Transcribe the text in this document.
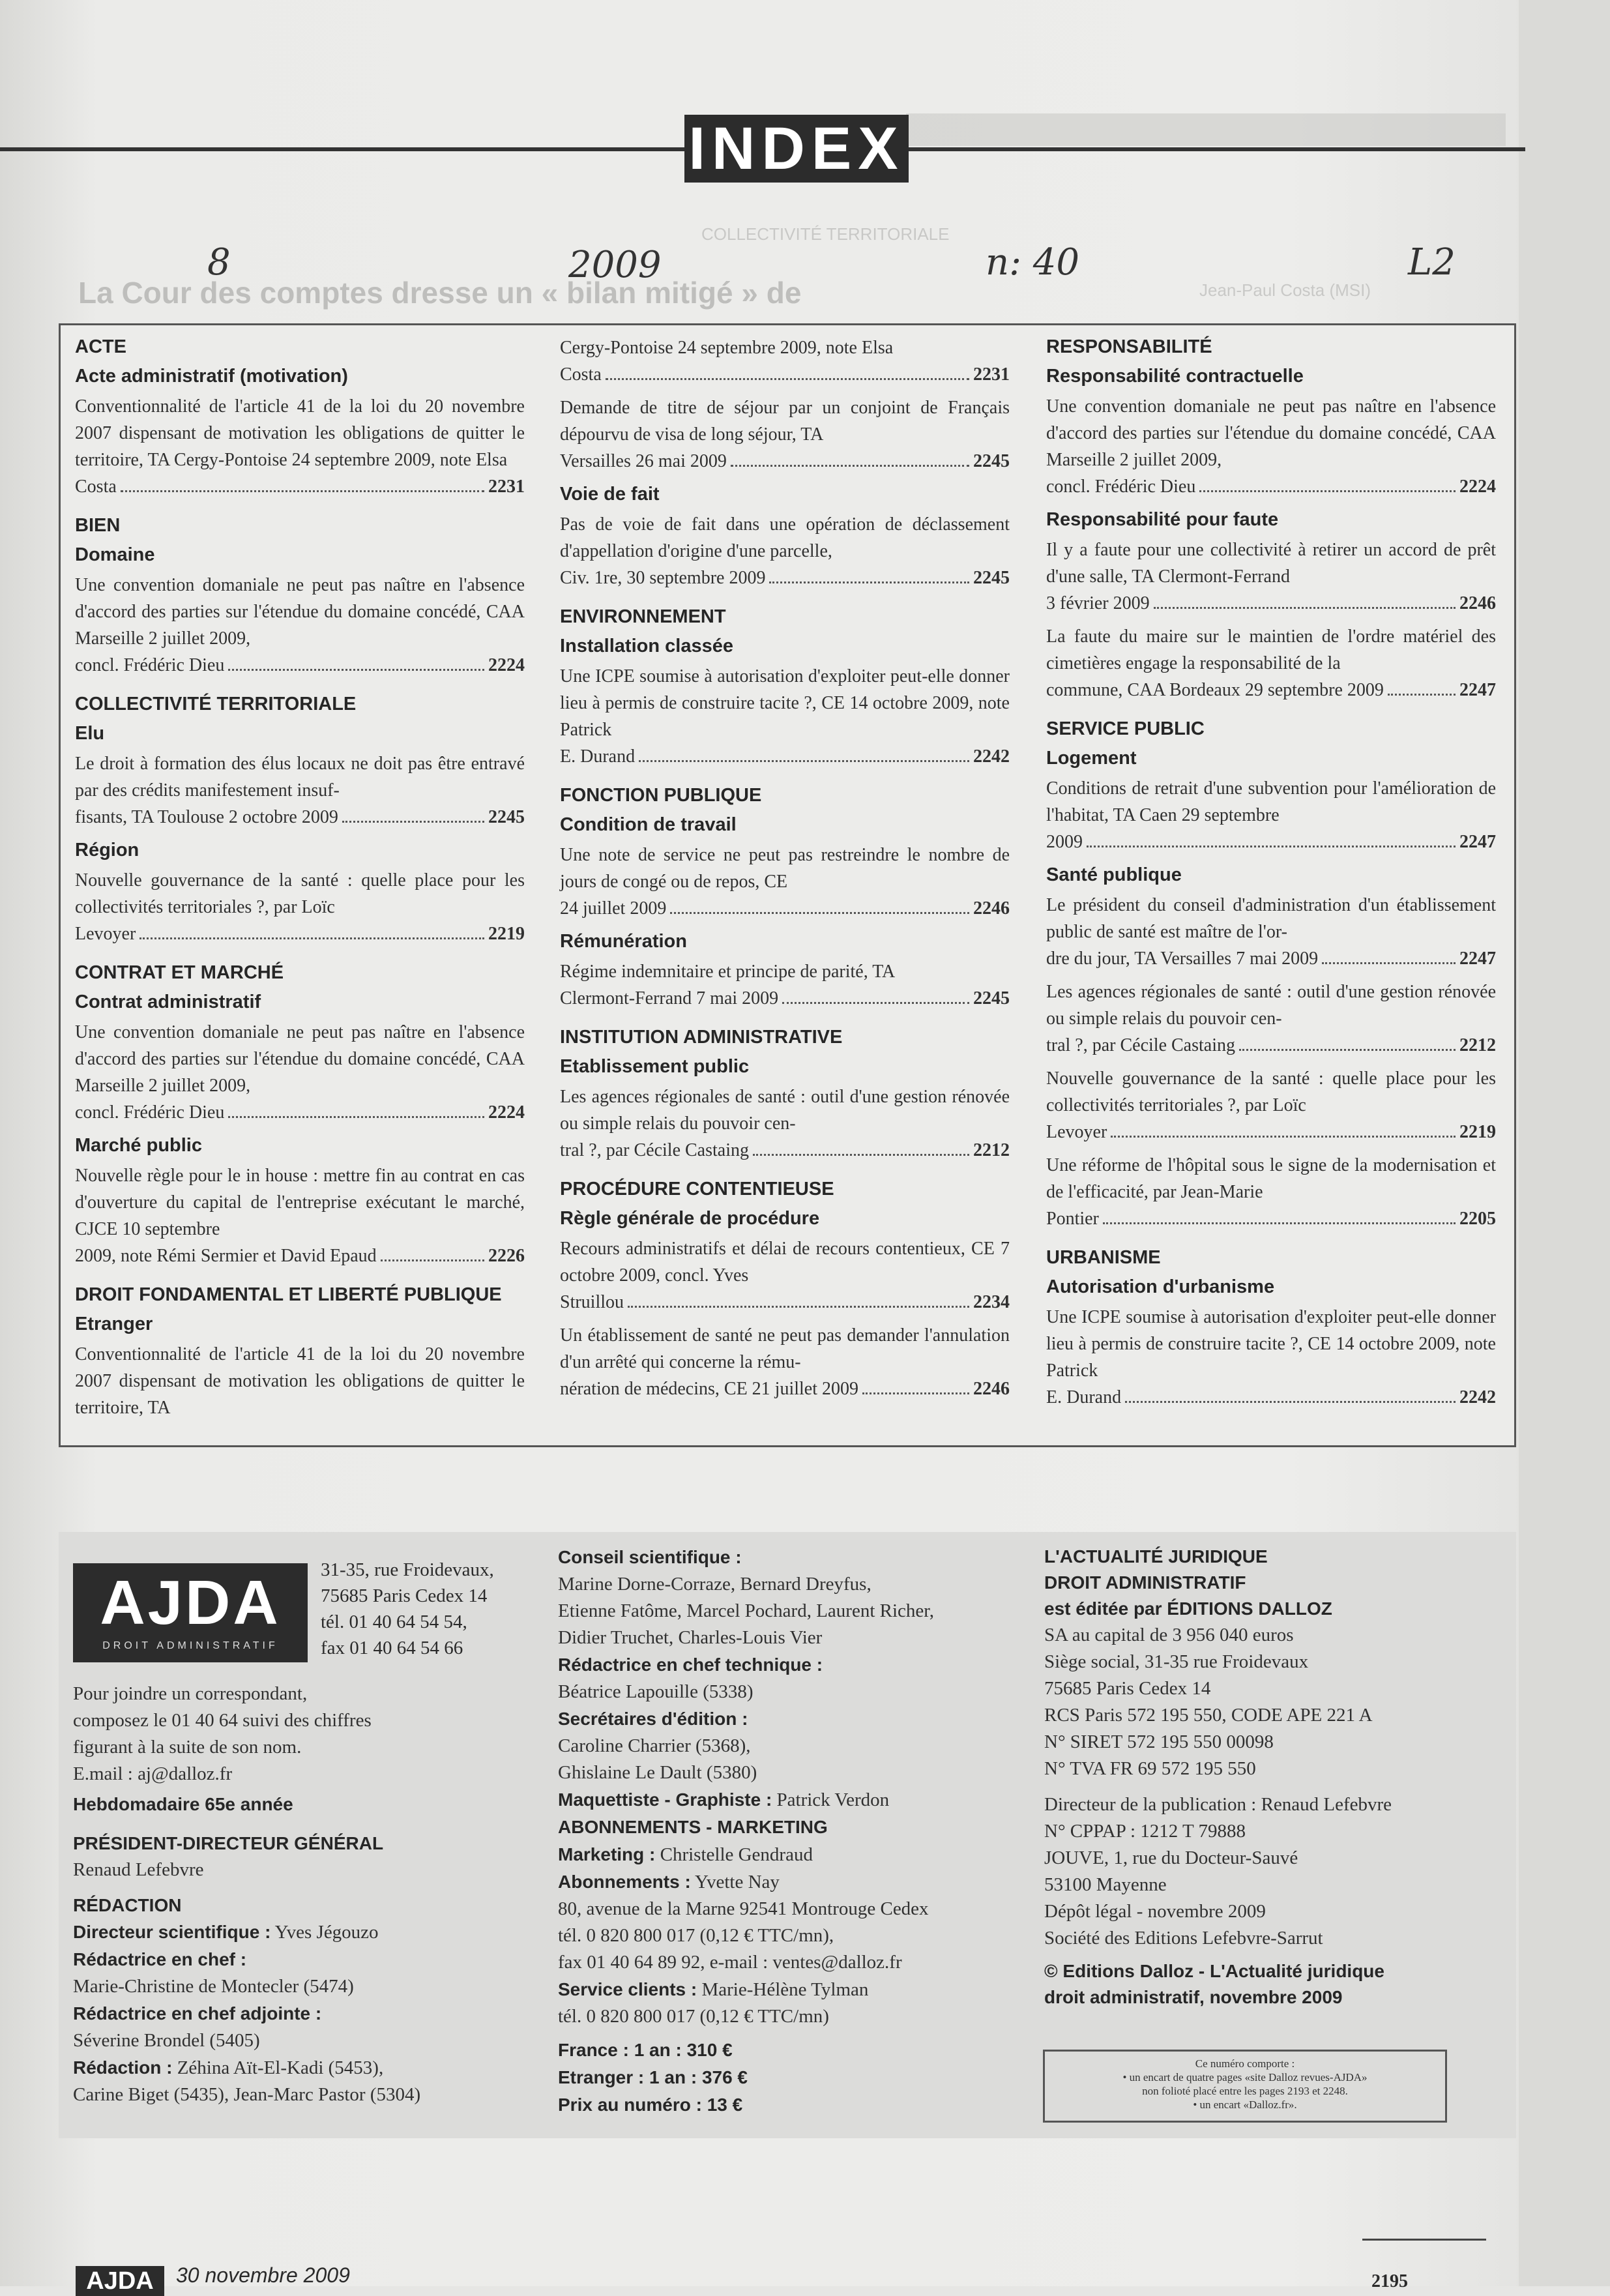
INDEX
8	2009	n: 40	L2
COLLECTIVITÉ TERRITORIALE
Jean-Paul Costa (MSI)
La Cour des comptes dresse un « bilan mitigé » de
ACTE
Acte administratif (motivation)
Conventionnalité de l'article 41 de la loi du 20 novembre 2007 dispensant de motivation les obligations de quitter le territoire, TA Cergy-Pontoise 24 septembre 2009, note Elsa
Costa	2231
BIEN
Domaine
Une convention domaniale ne peut pas naître en l'absence d'accord des parties sur l'étendue du domaine concédé, CAA Marseille 2 juillet 2009,
concl. Frédéric Dieu	2224
COLLECTIVITÉ TERRITORIALE
Elu
Le droit à formation des élus locaux ne doit pas être entravé par des crédits manifestement insuf-
fisants, TA Toulouse 2 octobre 2009	2245
Région
Nouvelle gouvernance de la santé : quelle place pour les collectivités territoriales ?, par Loïc
Levoyer	2219
CONTRAT ET MARCHÉ
Contrat administratif
Une convention domaniale ne peut pas naître en l'absence d'accord des parties sur l'étendue du domaine concédé, CAA Marseille 2 juillet 2009,
concl. Frédéric Dieu	2224
Marché public
Nouvelle règle pour le in house : mettre fin au contrat en cas d'ouverture du capital de l'entreprise exécutant le marché, CJCE 10 septembre
2009, note Rémi Sermier et David Epaud	2226
DROIT FONDAMENTAL ET LIBERTÉ PUBLIQUE
Etranger
Conventionnalité de l'article 41 de la loi du 20 novembre 2007 dispensant de motivation les obligations de quitter le territoire, TA
Cergy-Pontoise 24 septembre 2009, note Elsa
Costa	2231
Demande de titre de séjour par un conjoint de Français dépourvu de visa de long séjour, TA
Versailles 26 mai 2009	2245
Voie de fait
Pas de voie de fait dans une opération de déclassement d'appellation d'origine d'une parcelle,
Civ. 1re, 30 septembre 2009	2245
ENVIRONNEMENT
Installation classée
Une ICPE soumise à autorisation d'exploiter peut-elle donner lieu à permis de construire tacite ?, CE 14 octobre 2009, note Patrick
E. Durand	2242
FONCTION PUBLIQUE
Condition de travail
Une note de service ne peut pas restreindre le nombre de jours de congé ou de repos, CE
24 juillet 2009	2246
Rémunération
Régime indemnitaire et principe de parité, TA
Clermont-Ferrand 7 mai 2009	2245
INSTITUTION ADMINISTRATIVE
Etablissement public
Les agences régionales de santé : outil d'une gestion rénovée ou simple relais du pouvoir cen-
tral ?, par Cécile Castaing	2212
PROCÉDURE CONTENTIEUSE
Règle générale de procédure
Recours administratifs et délai de recours contentieux, CE 7 octobre 2009, concl. Yves
Struillou	2234
Un établissement de santé ne peut pas demander l'annulation d'un arrêté qui concerne la rému-
nération de médecins, CE 21 juillet 2009	2246
RESPONSABILITÉ
Responsabilité contractuelle
Une convention domaniale ne peut pas naître en l'absence d'accord des parties sur l'étendue du domaine concédé, CAA Marseille 2 juillet 2009,
concl. Frédéric Dieu	2224
Responsabilité pour faute
Il y a faute pour une collectivité à retirer un accord de prêt d'une salle, TA Clermont-Ferrand
3 février 2009	2246
La faute du maire sur le maintien de l'ordre matériel des cimetières engage la responsabilité de la
commune, CAA Bordeaux 29 septembre 2009	2247
SERVICE PUBLIC
Logement
Conditions de retrait d'une subvention pour l'amélioration de l'habitat, TA Caen 29 septembre
2009	2247
Santé publique
Le président du conseil d'administration d'un établissement public de santé est maître de l'or-
dre du jour, TA Versailles 7 mai 2009	2247
Les agences régionales de santé : outil d'une gestion rénovée ou simple relais du pouvoir cen-
tral ?, par Cécile Castaing	2212
Nouvelle gouvernance de la santé : quelle place pour les collectivités territoriales ?, par Loïc
Levoyer	2219
Une réforme de l'hôpital sous le signe de la modernisation et de l'efficacité, par Jean-Marie
Pontier	2205
URBANISME
Autorisation d'urbanisme
Une ICPE soumise à autorisation d'exploiter peut-elle donner lieu à permis de construire tacite ?, CE 14 octobre 2009, note Patrick
E. Durand	2242
AJDA
DROIT ADMINISTRATIF
31-35, rue Froidevaux,
75685 Paris Cedex 14
tél. 01 40 64 54 54,
fax 01 40 64 54 66
Pour joindre un correspondant,
composez le 01 40 64 suivi des chiffres
figurant à la suite de son nom.
E.mail : aj@dalloz.fr
Hebdomadaire 65e année
PRÉSIDENT-DIRECTEUR GÉNÉRAL
Renaud Lefebvre
RÉDACTION
Directeur scientifique : Yves Jégouzo
Rédactrice en chef :
Marie-Christine de Montecler (5474)
Rédactrice en chef adjointe :
Séverine Brondel (5405)
Rédaction : Zéhina Aït-El-Kadi (5453),
Carine Biget (5435), Jean-Marc Pastor (5304)
Conseil scientifique :
Marine Dorne-Corraze, Bernard Dreyfus,
Etienne Fatôme, Marcel Pochard, Laurent Richer,
Didier Truchet, Charles-Louis Vier
Rédactrice en chef technique :
Béatrice Lapouille (5338)
Secrétaires d'édition :
Caroline Charrier (5368),
Ghislaine Le Dault (5380)
Maquettiste - Graphiste : Patrick Verdon
ABONNEMENTS - MARKETING
Marketing : Christelle Gendraud
Abonnements : Yvette Nay
80, avenue de la Marne 92541 Montrouge Cedex
tél. 0 820 800 017 (0,12 € TTC/mn),
fax 01 40 64 89 92, e-mail : ventes@dalloz.fr
Service clients : Marie-Hélène Tylman
tél. 0 820 800 017 (0,12 € TTC/mn)
France : 1 an : 310 €
Etranger : 1 an : 376 €
Prix au numéro : 13 €
L'ACTUALITÉ JURIDIQUE
DROIT ADMINISTRATIF
est éditée par ÉDITIONS DALLOZ
SA au capital de 3 956 040 euros
Siège social, 31-35 rue Froidevaux
75685 Paris Cedex 14
RCS Paris 572 195 550, CODE APE 221 A
N° SIRET 572 195 550 00098
N° TVA FR 69 572 195 550
Directeur de la publication : Renaud Lefebvre
N° CPPAP : 1212 T 79888
JOUVE, 1, rue du Docteur-Sauvé
53100 Mayenne
Dépôt légal - novembre 2009
Société des Editions Lefebvre-Sarrut
© Editions Dalloz - L'Actualité juridique
droit administratif, novembre 2009
Ce numéro comporte :
• un encart de quatre pages «site Dalloz revues-AJDA»
non folioté placé entre les pages 2193 et 2248.
• un encart «Dalloz.fr».
AJDA	30 novembre 2009	2195
